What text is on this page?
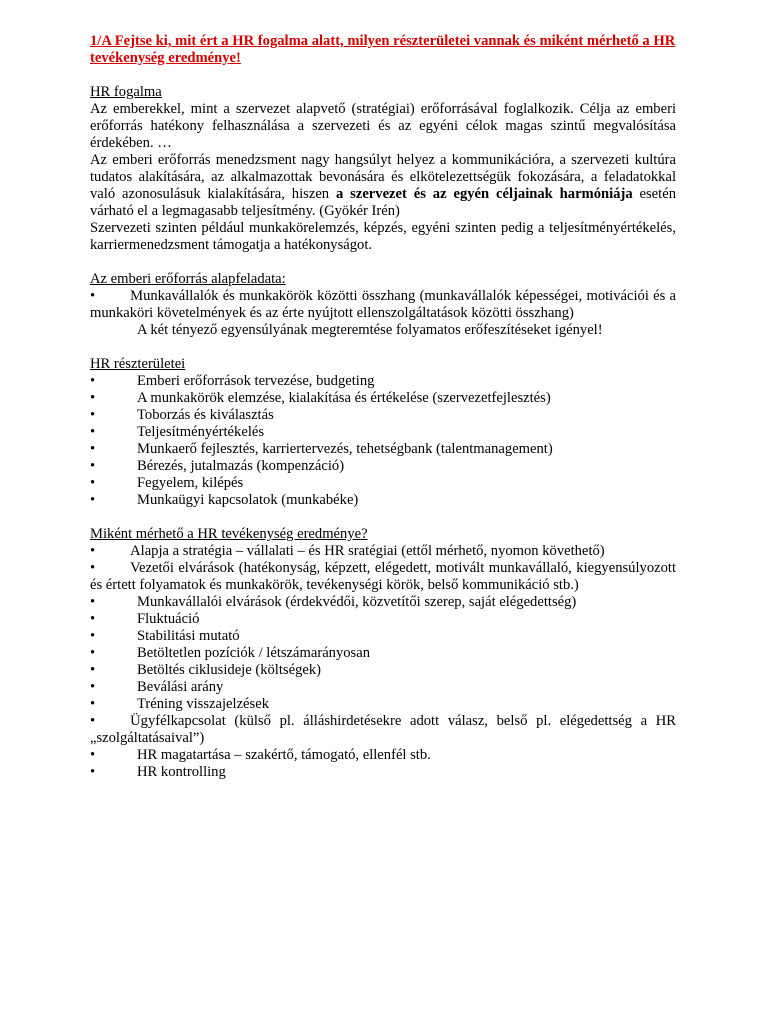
1/A Fejtse ki, mit ért a HR fogalma alatt, milyen részterületei vannak és miként mérhető a HR tevékenység eredménye!
HR fogalma
Az emberekkel, mint a szervezet alapvető (stratégiai) erőforrásával foglalkozik. Célja az emberi erőforrás hatékony felhasználása a szervezeti és az egyéni célok magas szintű megvalósítása érdekében. …
Az emberi erőforrás menedzsment nagy hangsúlyt helyez a kommunikációra, a szervezeti kultúra tudatos alakítására, az alkalmazottak bevonására és elkötelezettségük fokozására, a feladatokkal való azonosulásuk kialakítására, hiszen a szervezet és az egyén céljainak harmóniája esetén várható el a legmagasabb teljesítmény. (Gyökér Irén)
Szervezeti szinten például munkakörelemzés, képzés, egyéni szinten pedig a teljesítményértékelés, karriermenedzsment támogatja a hatékonyságot.
Az emberi erőforrás alapfeladata:
• Munkavállalók és munkakörök közötti összhang (munkavállalók képességei, motivációi és a munkaköri követelmények és az érte nyújtott ellenszolgáltatások közötti összhang)
A két tényező egyensúlyának megteremtése folyamatos erőfeszítéseket igényel!
HR részterületei
•	Emberi erőforrások tervezése, budgeting
•	A munkakörök elemzése, kialakítása és értékelése (szervezetfejlesztés)
•	Toborzás és kiválasztás
•	Teljesítményértékelés
•	Munkaerő fejlesztés, karriertervezés, tehetségbank (talentmanagement)
•	Bérezés, jutalmazás (kompenzáció)
•	Fegyelem, kilépés
•	Munkaügyi kapcsolatok (munkabéke)
Miként mérhető a HR tevékenység eredménye?
• Alapja a stratégia – vállalati – és HR sratégiai (ettől mérhető, nyomon követhető)
• Vezetői elvárások (hatékonyság, képzett, elégedett, motivált munkavállaló, kiegyensúlyozott és értett folyamatok és munkakörök, tevékenységi körök, belső kommunikáció stb.)
•	Munkavállalói elvárások (érdekvédői, közvetítői szerep, saját elégedettség)
•	Fluktuáció
•	Stabilitási mutató
•	Betöltetlen pozíciók / létszámarányosan
•	Betöltés ciklusideje (költségek)
•	Beválási arány
•	Tréning visszajelzések
• Ügyfélkapcsolat (külső pl. álláshirdetésekre adott válasz, belső pl. elégedettség a HR „szolgáltatásaival”)
•	HR magatartása – szakértő, támogató, ellenfél stb.
•	HR kontrolling
